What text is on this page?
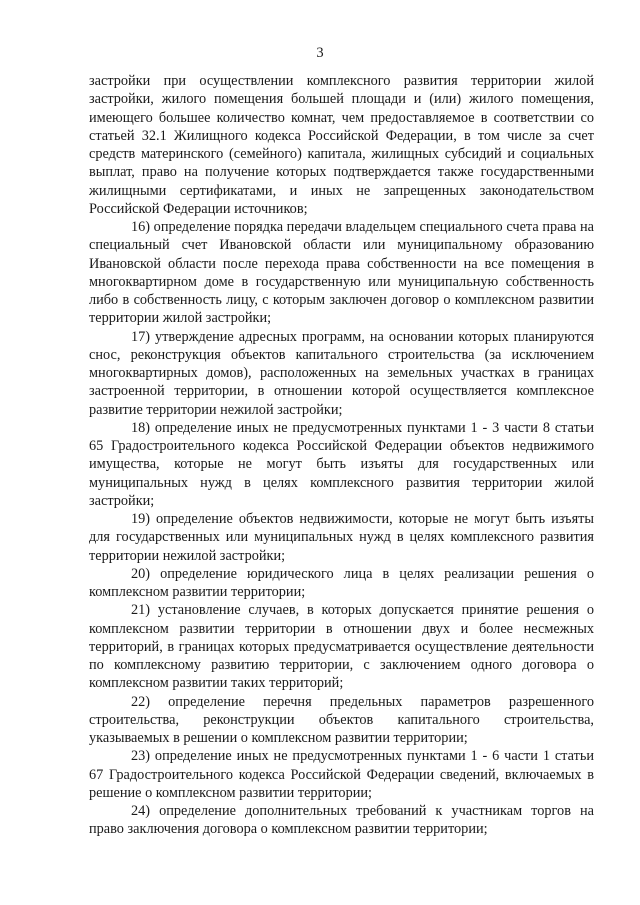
3

застройки при осуществлении комплексного развития территории жилой застройки, жилого помещения большей площади и (или) жилого помещения, имеющего большее количество комнат, чем предоставляемое в соответствии со статьей 32.1 Жилищного кодекса Российской Федерации, в том числе за счет средств материнского (семейного) капитала, жилищных субсидий и социальных выплат, право на получение которых подтверждается также государственными жилищными сертификатами, и иных не запрещенных законодательством Российской Федерации источников;

16) определение порядка передачи владельцем специального счета права на специальный счет Ивановской области или муниципальному образованию Ивановской области после перехода права собственности на все помещения в многоквартирном доме в государственную или муниципальную собственность либо в собственность лицу, с которым заключен договор о комплексном развитии территории жилой застройки;

17) утверждение адресных программ, на основании которых планируются снос, реконструкция объектов капитального строительства (за исключением многоквартирных домов), расположенных на земельных участках в границах застроенной территории, в отношении которой осуществляется комплексное развитие территории нежилой застройки;

18) определение иных не предусмотренных пунктами 1 - 3 части 8 статьи 65 Градостроительного кодекса Российской Федерации объектов недвижимого имущества, которые не могут быть изъяты для государственных или муниципальных нужд в целях комплексного развития территории жилой застройки;

19) определение объектов недвижимости, которые не могут быть изъяты для государственных или муниципальных нужд в целях комплексного развития территории нежилой застройки;

20) определение юридического лица в целях реализации решения о комплексном развитии территории;

21) установление случаев, в которых допускается принятие решения о комплексном развитии территории в отношении двух и более несмежных территорий, в границах которых предусматривается осуществление деятельности по комплексному развитию территории, с заключением одного договора о комплексном развитии таких территорий;

22) определение перечня предельных параметров разрешенного строительства, реконструкции объектов капитального строительства, указываемых в решении о комплексном развитии территории;

23) определение иных не предусмотренных пунктами 1 - 6 части 1 статьи 67 Градостроительного кодекса Российской Федерации сведений, включаемых в решение о комплексном развитии территории;

24) определение дополнительных требований к участникам торгов на право заключения договора о комплексном развитии территории;
